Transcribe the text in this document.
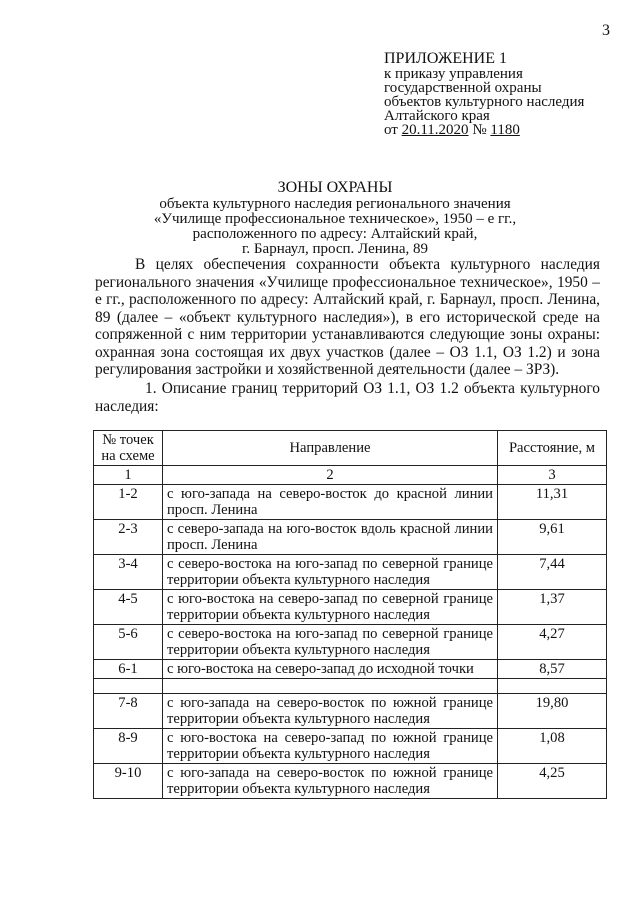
3
ПРИЛОЖЕНИЕ 1
к приказу управления
государственной охраны
объектов культурного наследия
Алтайского края
от 20.11.2020 № 1180
ЗОНЫ ОХРАНЫ
объекта культурного наследия регионального значения
«Училище профессиональное техническое», 1950 – е гг.,
расположенного по адресу: Алтайский край,
г. Барнаул, просп. Ленина, 89
В целях обеспечения сохранности объекта культурного наследия регионального значения «Училище профессиональное техническое», 1950 – е гг., расположенного по адресу: Алтайский край, г. Барнаул, просп. Ленина, 89 (далее – «объект культурного наследия»), в его исторической среде на сопряженной с ним территории устанавливаются следующие зоны охраны: охранная зона состоящая их двух участков (далее – ОЗ 1.1, ОЗ 1.2) и зона регулирования застройки и хозяйственной деятельности (далее – ЗРЗ).
1. Описание границ территорий ОЗ 1.1, ОЗ 1.2 объекта культурного наследия:
№ точек на схеме	Направление	Расстояние, м
1	2	3
1-2	с юго-запада на северо-восток до красной линии просп. Ленина	11,31
2-3	с северо-запада на юго-восток вдоль красной линии просп. Ленина	9,61
3-4	с северо-востока на юго-запад по северной границе территории объекта культурного наследия	7,44
4-5	с юго-востока на северо-запад по северной границе территории объекта культурного наследия	1,37
5-6	с северо-востока на юго-запад по северной границе территории объекта культурного наследия	4,27
6-1	с юго-востока на северо-запад до исходной точки	8,57

7-8	с юго-запада на северо-восток по южной границе территории объекта культурного наследия	19,80
8-9	с юго-востока на северо-запад по южной границе территории объекта культурного наследия	1,08
9-10	с юго-запада на северо-восток по южной границе территории объекта культурного наследия	4,25
